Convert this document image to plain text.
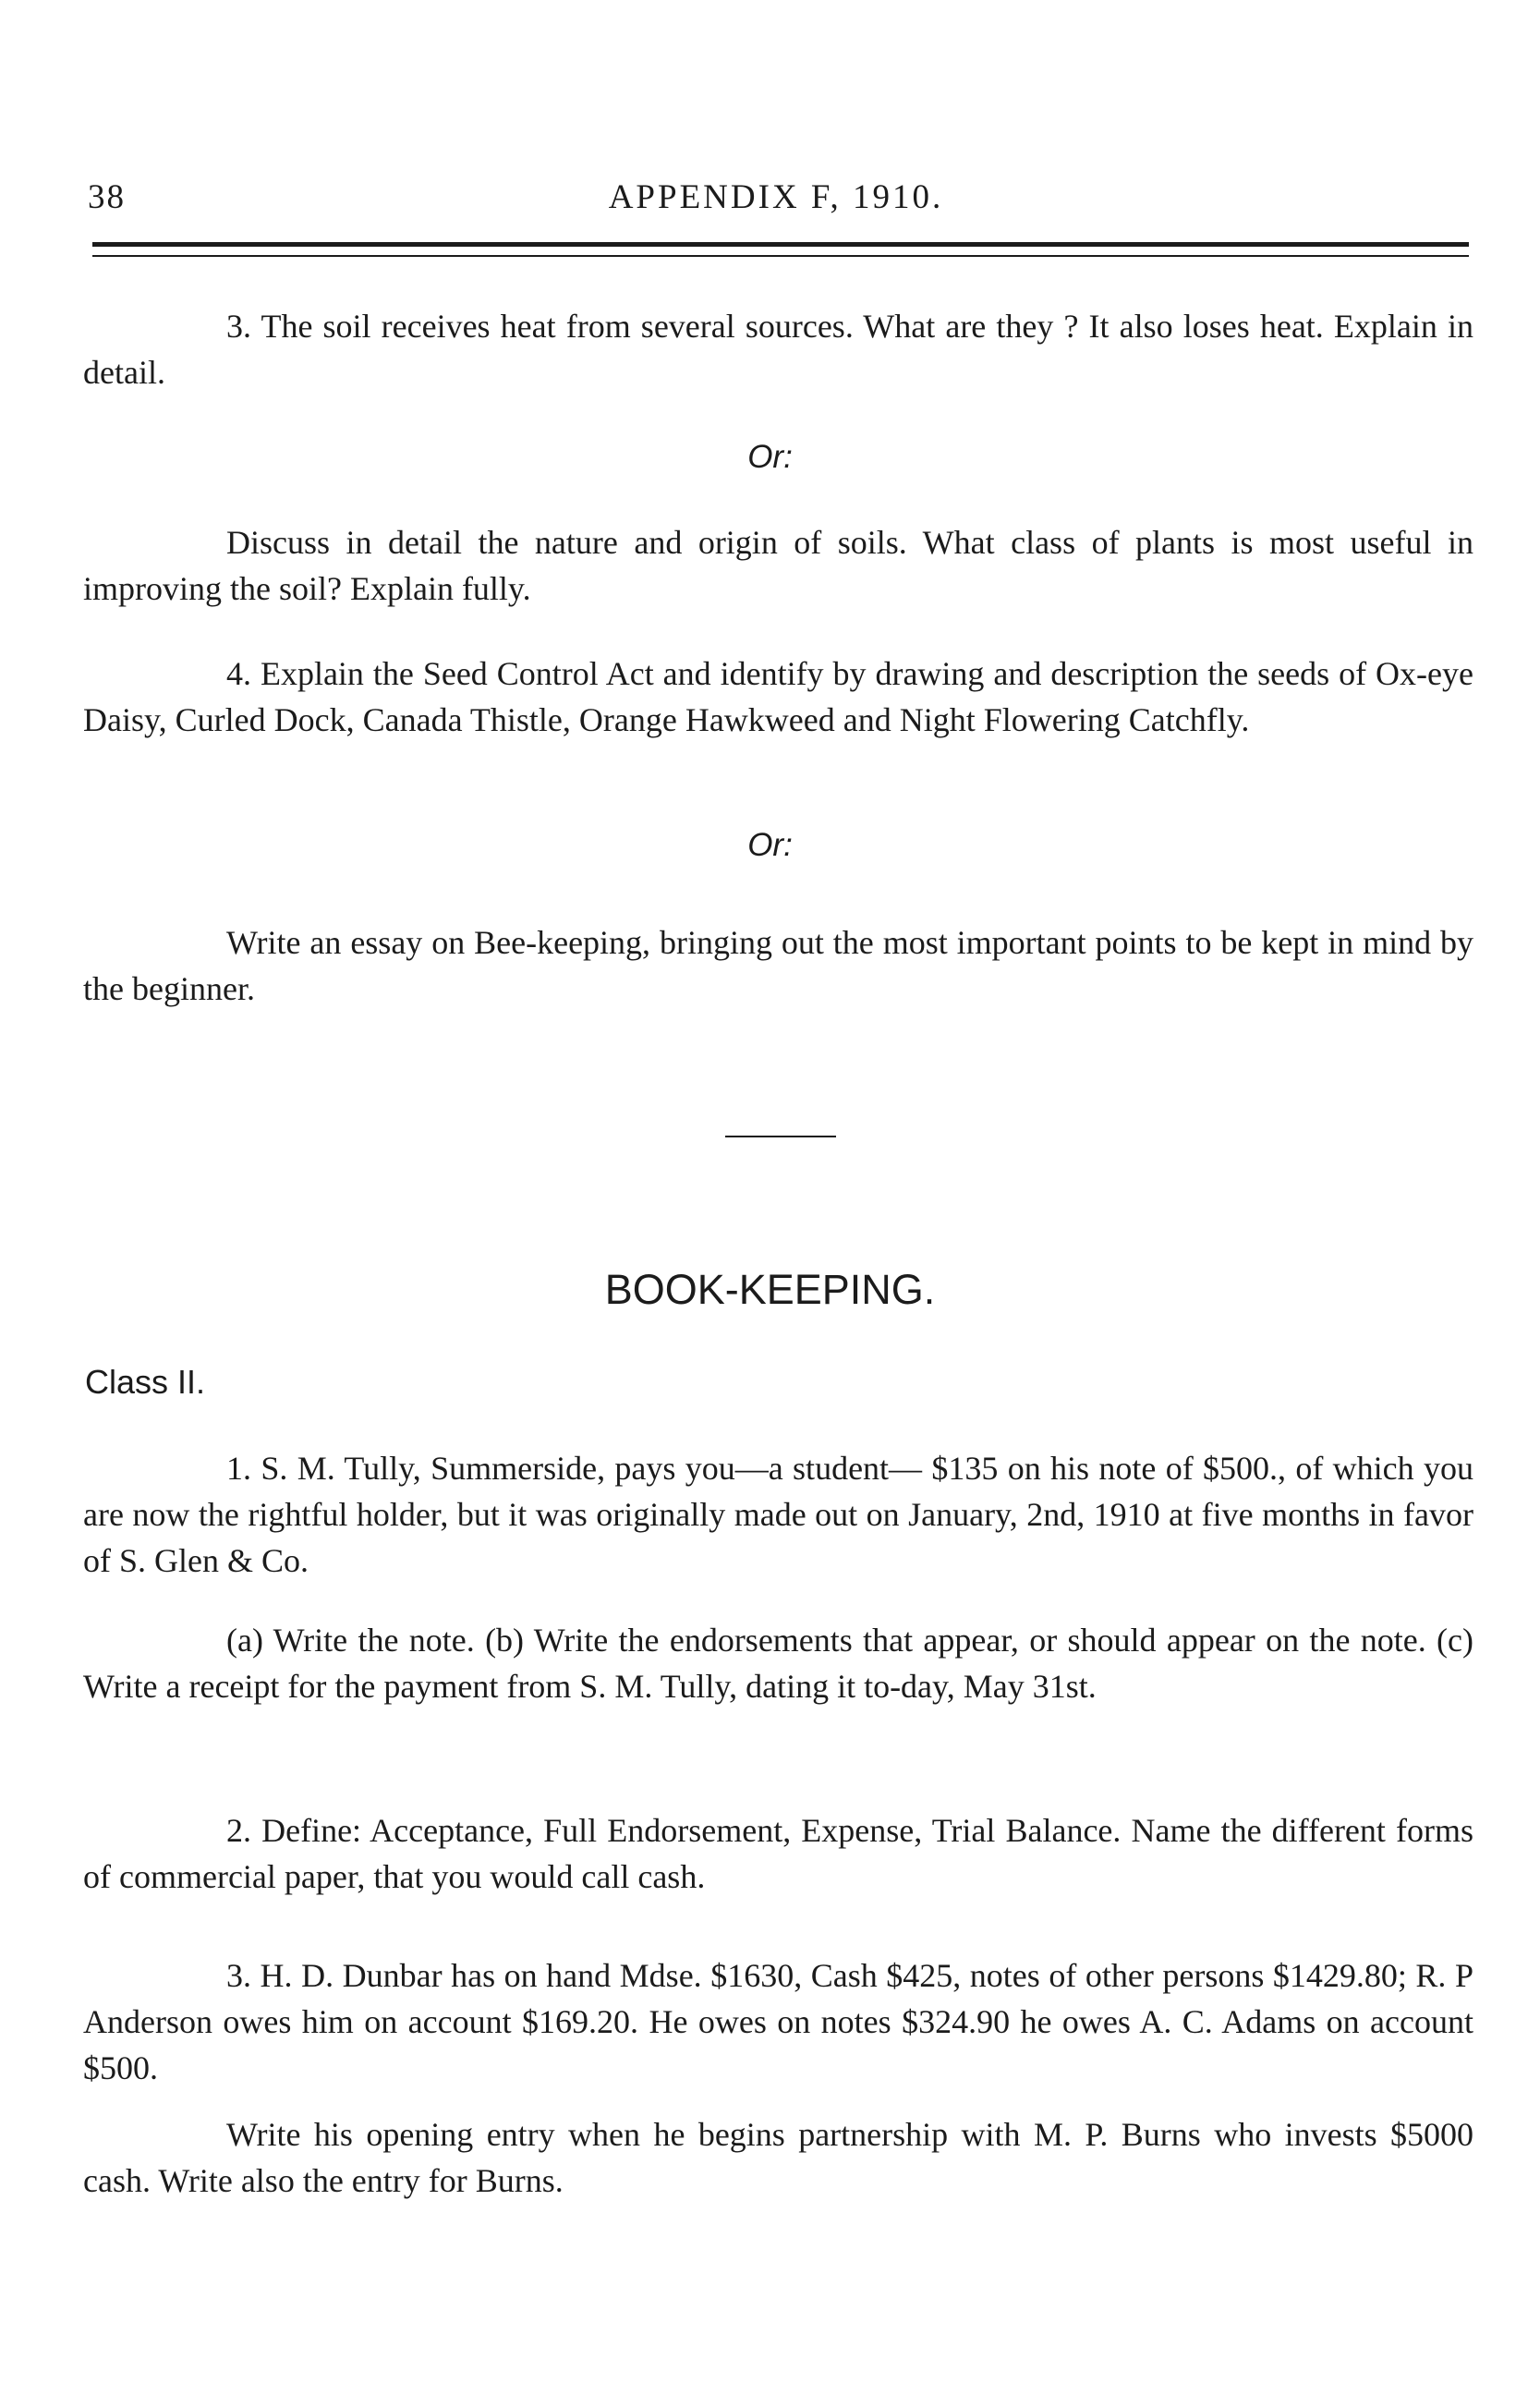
38	APPENDIX F, 1910.

3. The soil receives heat from several sources. What are they ? It also loses heat. Explain in detail.

Or:

Discuss in detail the nature and origin of soils. What class of plants is most useful in improving the soil? Explain fully.

4. Explain the Seed Control Act and identify by drawing and description the seeds of Ox-eye Daisy, Curled Dock, Canada Thistle, Orange Hawkweed and Night Flowering Catchfly.

Or:

Write an essay on Bee-keeping, bringing out the most important points to be kept in mind by the beginner.

BOOK-KEEPING.
Class II.

1. S. M. Tully, Summerside, pays you—a student— $135 on his note of $500., of which you are now the rightful holder, but it was originally made out on January, 2nd, 1910 at five months in favor of S. Glen & Co.

(a) Write the note. (b) Write the endorsements that appear, or should appear on the note. (c) Write a receipt for the payment from S. M. Tully, dating it to-day, May 31st.

2. Define: Acceptance, Full Endorsement, Expense, Trial Balance. Name the different forms of commercial paper, that you would call cash.

3. H. D. Dunbar has on hand Mdse. $1630, Cash $425, notes of other persons $1429.80; R. P Anderson owes him on account $169.20. He owes on notes $324.90 he owes A. C. Adams on account $500.

Write his opening entry when he begins partnership with M. P. Burns who invests $5000 cash. Write also the entry for Burns.
